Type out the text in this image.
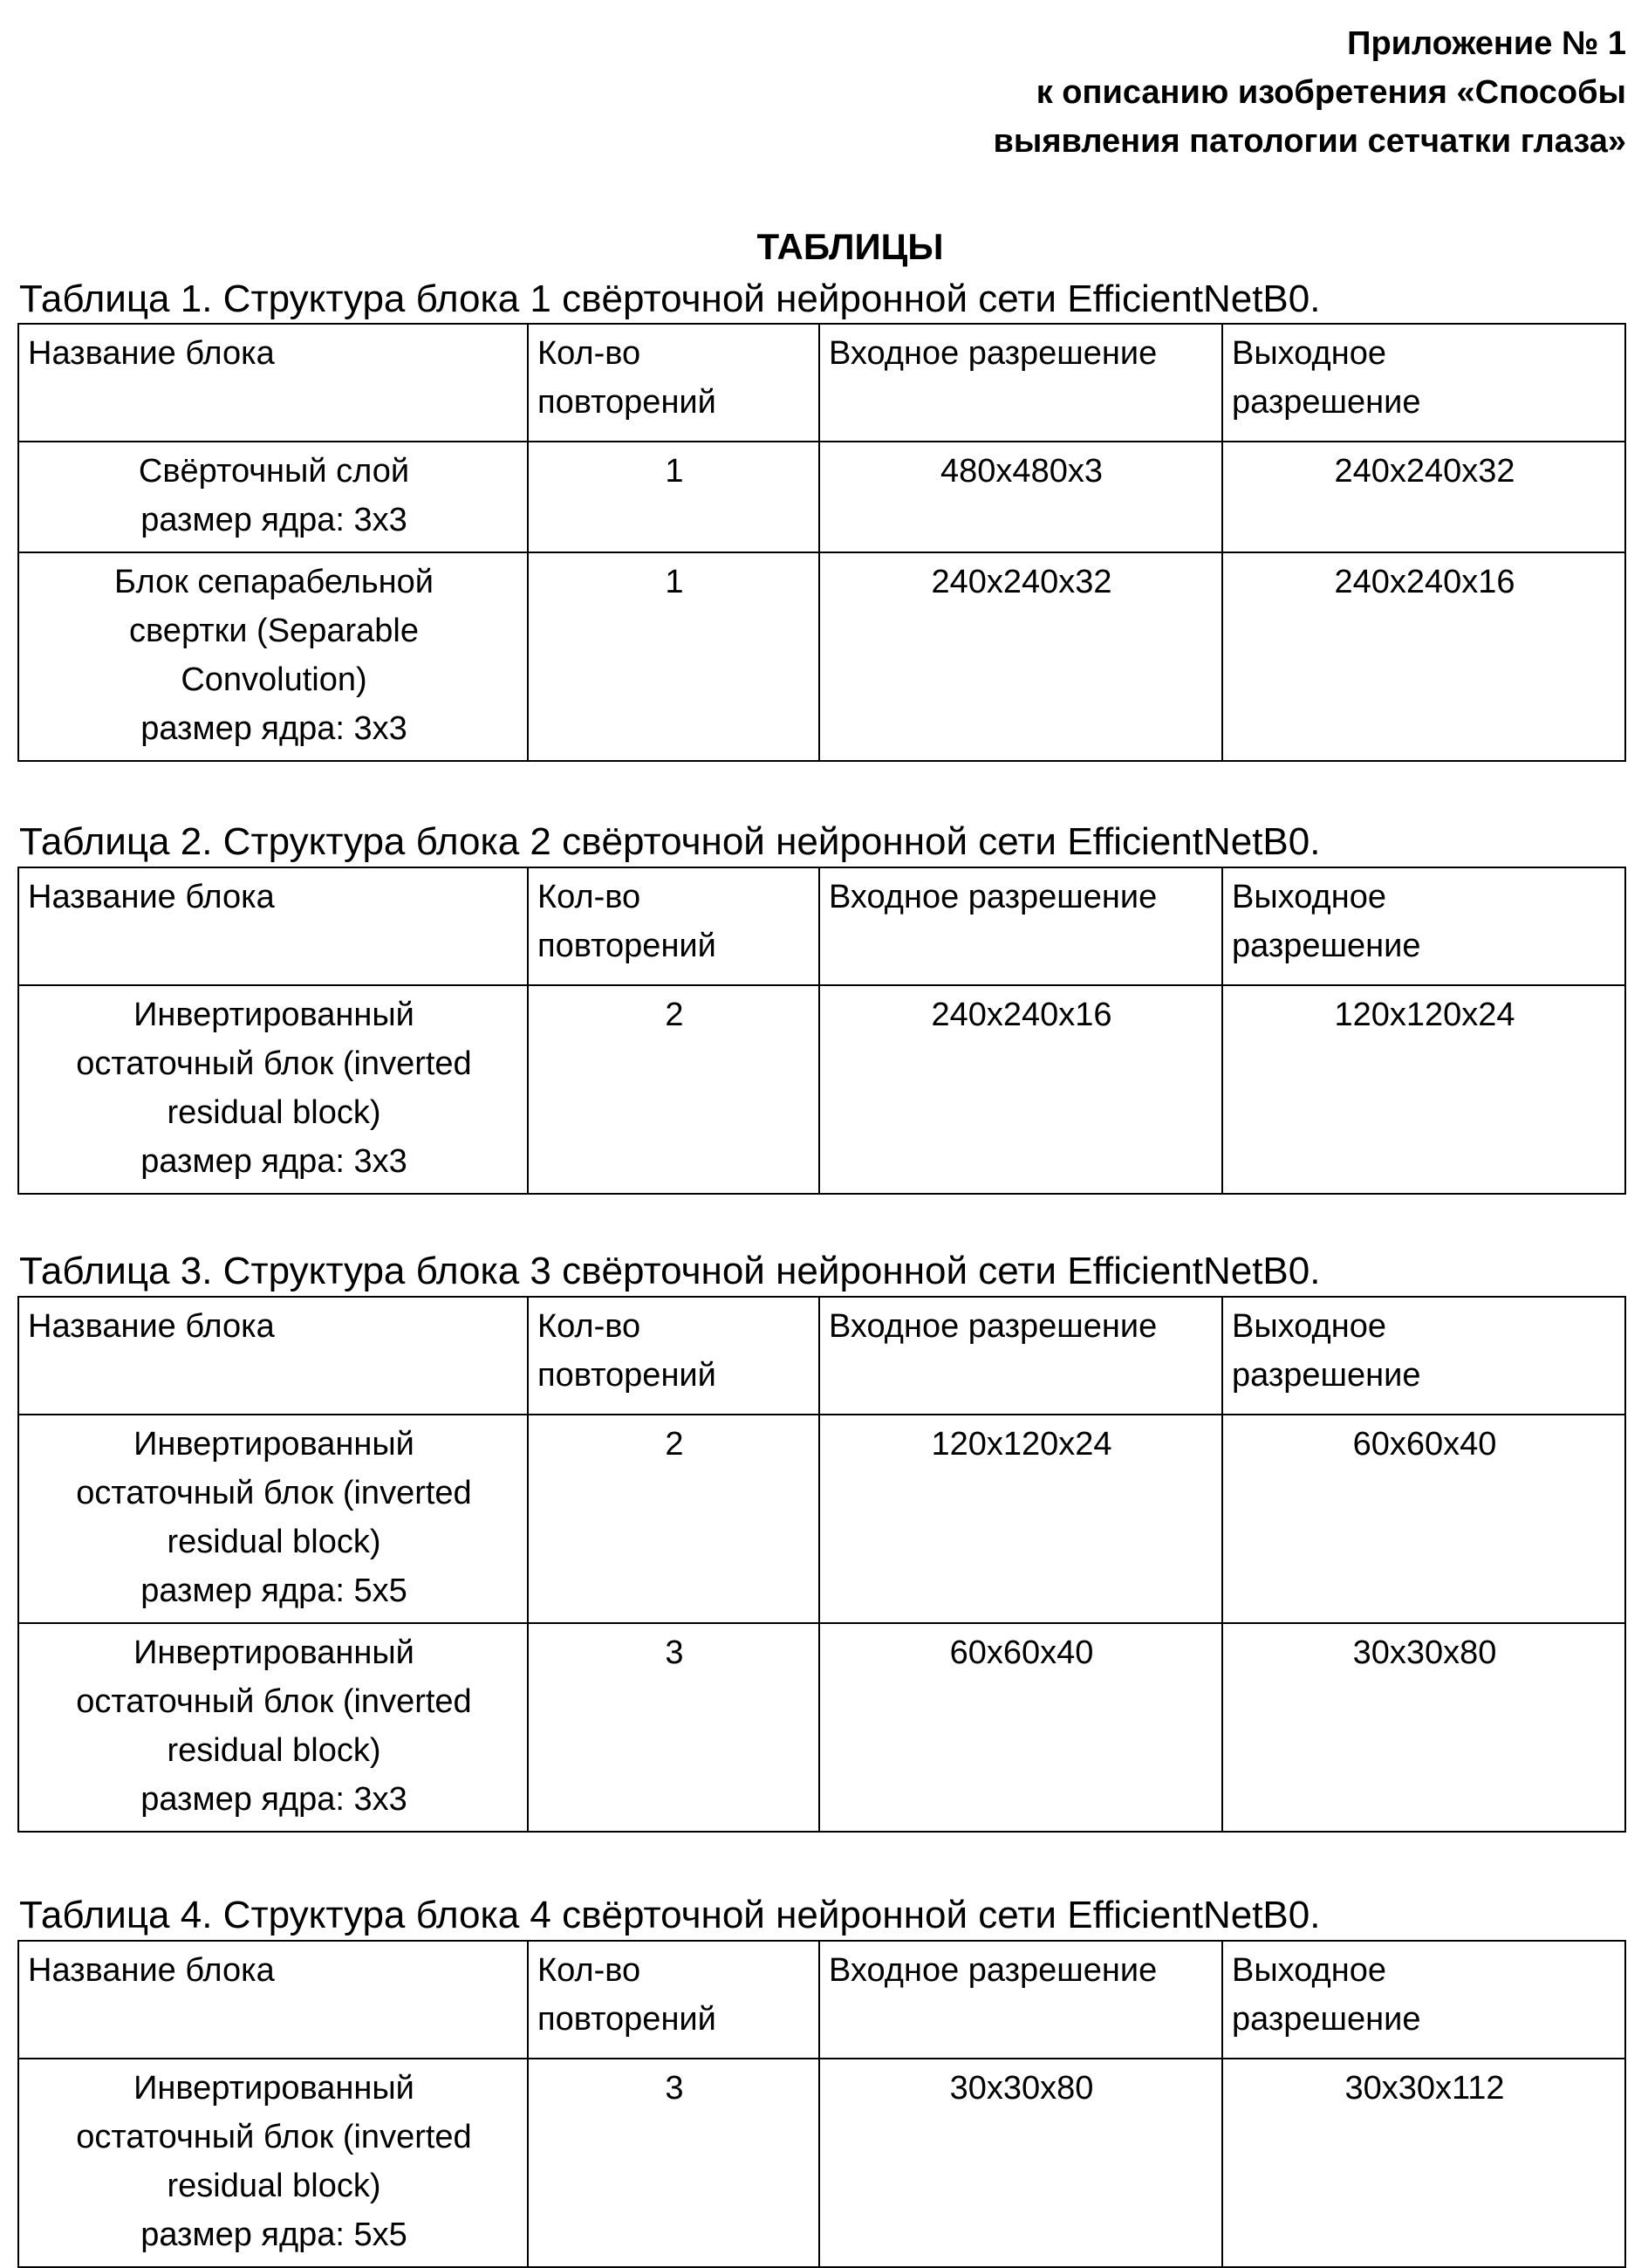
Приложение № 1
к описанию изобретения «Способы
выявления патологии сетчатки глаза»
ТАБЛИЦЫ
Таблица 1. Структура блока 1 свёрточной нейронной сети EfficientNetB0.
Название блока	Кол-во
повторений	Входное разрешение	Выходное
разрешение
Свёрточный слой
размер ядра: 3x3	1	480x480x3	240x240x32
Блок сепарабельной
свертки (Separable
Convolution)
размер ядра: 3x3	1	240x240x32	240x240x16
Таблица 2. Структура блока 2 свёрточной нейронной сети EfficientNetB0.
Название блока	Кол-во
повторений	Входное разрешение	Выходное
разрешение
Инвертированный
остаточный блок (inverted
residual block)
размер ядра: 3x3	2	240x240x16	120x120x24
Таблица 3. Структура блока 3 свёрточной нейронной сети EfficientNetB0.
Название блока	Кол-во
повторений	Входное разрешение	Выходное
разрешение
Инвертированный
остаточный блок (inverted
residual block)
размер ядра: 5x5	2	120x120x24	60x60x40
Инвертированный
остаточный блок (inverted
residual block)
размер ядра: 3x3	3	60x60x40	30x30x80
Таблица 4. Структура блока 4 свёрточной нейронной сети EfficientNetB0.
Название блока	Кол-во
повторений	Входное разрешение	Выходное
разрешение
Инвертированный
остаточный блок (inverted
residual block)
размер ядра: 5x5	3	30x30x80	30x30x112
